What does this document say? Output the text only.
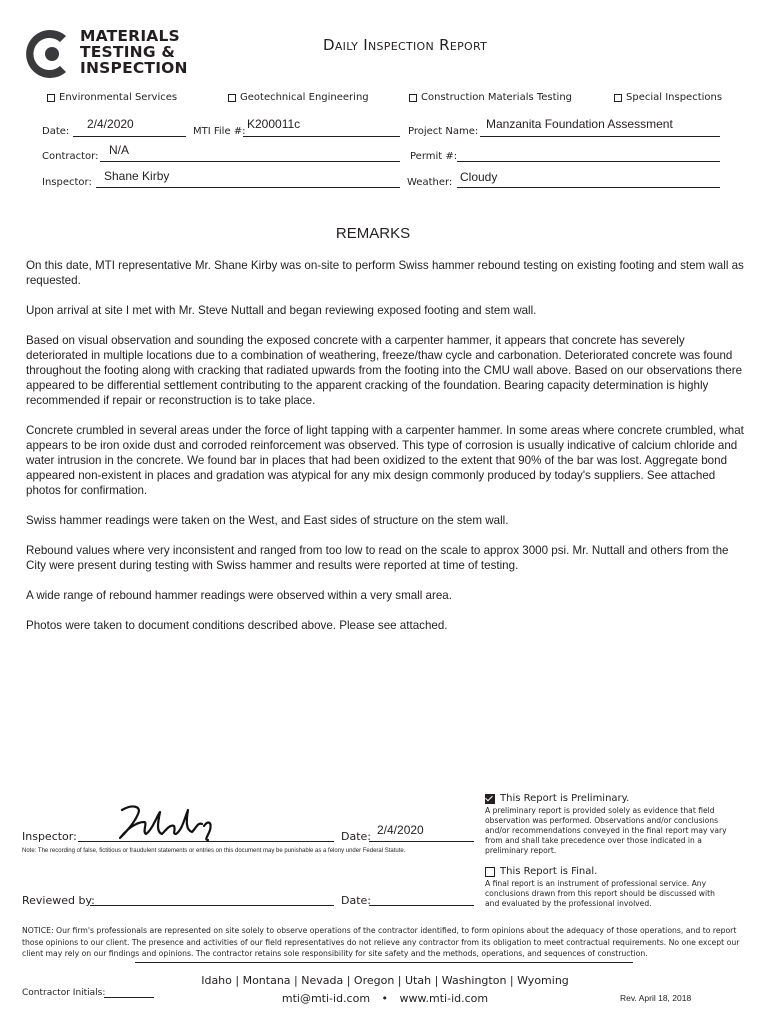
MATERIALS
TESTING &
INSPECTION
Daily Inspection Report
Environmental Services	Geotechnical Engineering	Construction Materials Testing	Special Inspections
Date:
2/4/2020
MTI File #:
K200011c
Project Name:
Manzanita Foundation Assessment
Contractor: N/A	Permit #:
Inspector: Shane Kirby	Weather: Cloudy
REMARKS

On this date, MTI representative Mr. Shane Kirby was on-site to perform Swiss hammer rebound testing on existing footing and stem wall as requested.

Upon arrival at site I met with Mr. Steve Nuttall and began reviewing exposed footing and stem wall.

Based on visual observation and sounding the exposed concrete with a carpenter hammer, it appears that concrete has severely deteriorated in multiple locations due to a combination of weathering, freeze/thaw cycle and carbonation. Deteriorated concrete was found throughout the footing along with cracking that radiated upwards from the footing into the CMU wall above. Based on our observations there appeared to be differential settlement contributing to the apparent cracking of the foundation. Bearing capacity determination is highly recommended if repair or reconstruction is to take place.

Concrete crumbled in several areas under the force of light tapping with a carpenter hammer. In some areas where concrete crumbled, what appears to be iron oxide dust and corroded reinforcement was observed. This type of corrosion is usually indicative of calcium chloride and water intrusion in the concrete. We found bar in places that had been oxidized to the extent that 90% of the bar was lost. Aggregate bond appeared non-existent in places and gradation was atypical for any mix design commonly produced by today's suppliers. See attached photos for confirmation.

Swiss hammer readings were taken on the West, and East sides of structure on the stem wall.

Rebound values where very inconsistent and ranged from too low to read on the scale to approx 3000 psi. Mr. Nuttall and others from the City were present during testing with Swiss hammer and results were reported at time of testing.

A wide range of rebound hammer readings were observed within a very small area.

Photos were taken to document conditions described above. Please see attached.

Inspector:	Date: 2/4/2020
Note: The recording of false, fictitious or fraudulent statements or entries on this document may be punishable as a felony under Federal Statute.
Reviewed by:	Date:
This Report is Preliminary.
A preliminary report is provided solely as evidence that field observation was performed. Observations and/or conclusions and/or recommendations conveyed in the final report may vary from and shall take precedence over those indicated in a preliminary report.
This Report is Final.
A final report is an instrument of professional service. Any conclusions drawn from this report should be discussed with and evaluated by the professional involved.
NOTICE: Our firm's professionals are represented on site solely to observe operations of the contractor identified, to form opinions about the adequacy of those operations, and to report those opinions to our client. The presence and activities of our field representatives do not relieve any contractor from its obligation to meet contractual requirements. No one except our client may rely on our findings and opinions. The contractor retains sole responsibility for site safety and the methods, operations, and sequences of construction.
Idaho | Montana | Nevada | Oregon | Utah | Washington | Wyoming
mti@mti-id.com • www.mti-id.com
Contractor Initials:	Rev. April 18, 2018
